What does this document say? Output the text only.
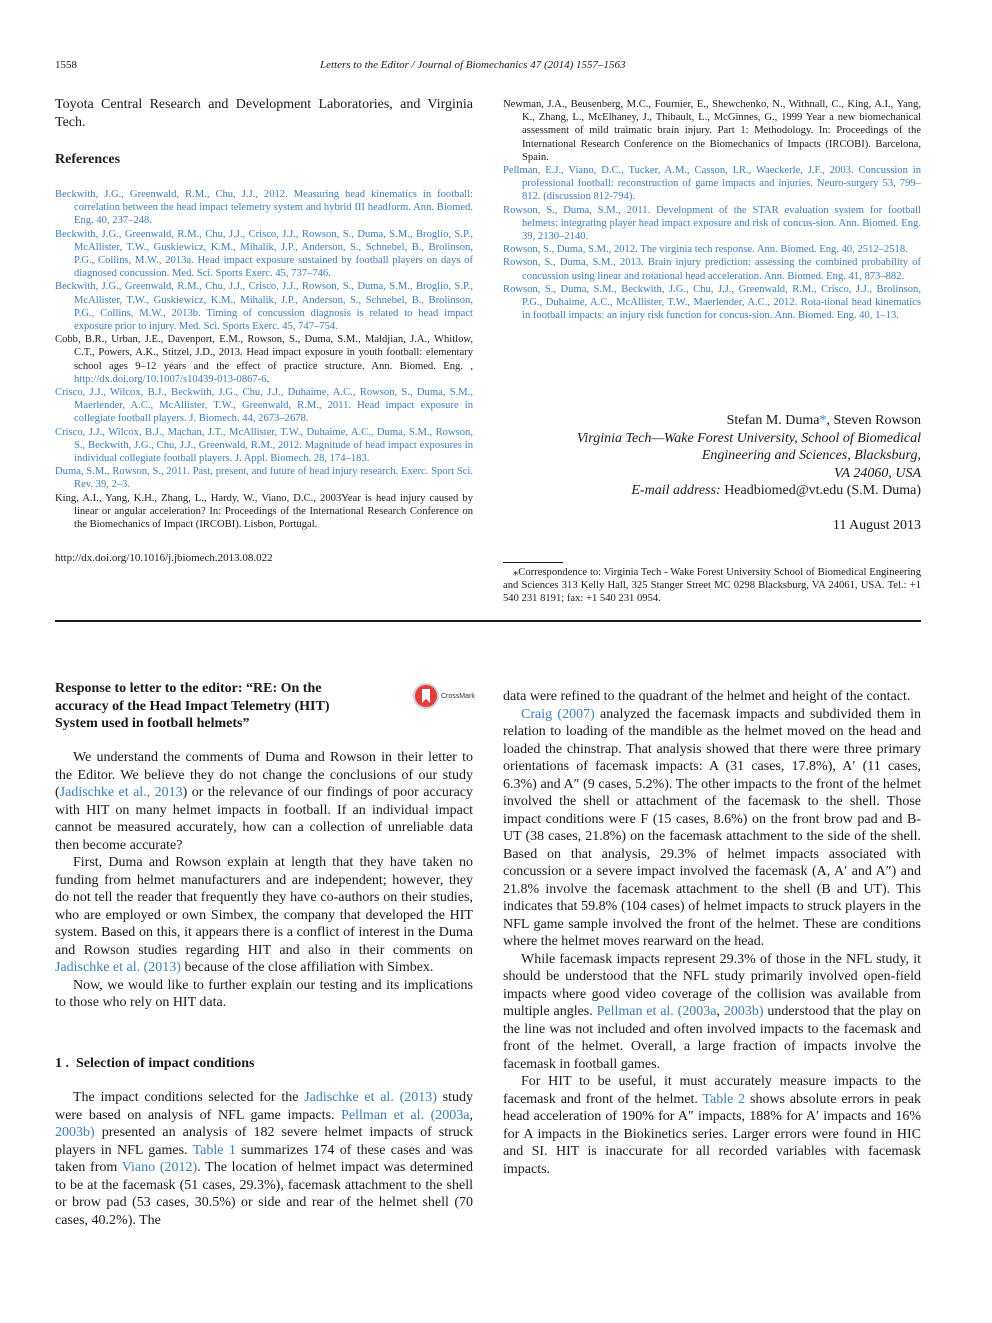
1558	Letters to the Editor / Journal of Biomechanics 47 (2014) 1557–1563
Toyota Central Research and Development Laboratories, and Virginia Tech.
References

Beckwith, J.G., Greenwald, R.M., Chu, J.J., 2012. Measuring head kinematics in football: correlation between the head impact telemetry system and hybrid III headform. Ann. Biomed. Eng. 40, 237–248.

Beckwith, J.G., Greenwald, R.M., Chu, J.J., Crisco, J.J., Rowson, S., Duma, S.M., Broglio, S.P., McAllister, T.W., Guskiewicz, K.M., Mihalik, J.P., Anderson, S., Schnebel, B., Brolinson, P.G., Collins, M.W., 2013a. Head impact exposure sustained by football players on days of diagnosed concussion. Med. Sci. Sports Exerc. 45, 737–746.

Beckwith, J.G., Greenwald, R.M., Chu, J.J., Crisco, J.J., Rowson, S., Duma, S.M., Broglio, S.P., McAllister, T.W., Guskiewicz, K.M., Mihalik, J.P., Anderson, S., Schnebel, B., Brolinson, P.G., Collins, M.W., 2013b. Timing of concussion diagnosis is related to head impact exposure prior to injury. Med. Sci. Sports Exerc. 45, 747–754.

Cobb, B.R., Urban, J.E., Davenport, E.M., Rowson, S., Duma, S.M., Maldjian, J.A., Whitlow, C.T., Powers, A.K., Stitzel, J.D., 2013. Head impact exposure in youth football: elementary school ages 9–12 years and the effect of practice structure. Ann. Biomed. Eng. , http://dx.doi.org/10.1007/s10439-013-0867-6.

Crisco, J.J., Wilcox, B.J., Beckwith, J.G., Chu, J.J., Duhaime, A.C., Rowson, S., Duma, S.M., Maerlender, A.C., McAllister, T.W., Greenwald, R.M., 2011. Head impact exposure in collegiate football players. J. Biomech. 44, 2673–2678.

Crisco, J.J., Wilcox, B.J., Machan, J.T., McAllister, T.W., Duhaime, A.C., Duma, S.M., Rowson, S., Beckwith, J.G., Chu, J.J., Greenwald, R.M., 2012. Magnitude of head impact exposures in individual collegiate football players. J. Appl. Biomech. 28, 174–183.

Duma, S.M., Rowson, S., 2011. Past, present, and future of head injury research. Exerc. Sport Sci. Rev. 39, 2–3.

King, A.I., Yang, K.H., Zhang, L., Hardy, W., Viano, D.C., 2003Year is head injury caused by linear or angular acceleration? In: Proceedings of the International Research Conference on the Biomechanics of Impact (IRCOBI). Lisbon, Portugal.

http://dx.doi.org/10.1016/j.jbiomech.2013.08.022

Newman, J.A., Beusenberg, M.C., Fournier, E., Shewchenko, N., Withnall, C., King, A.I., Yang, K., Zhang, L., McElhaney, J., Thibault, L., McGinnes, G., 1999 Year a new biomechanical assessment of mild traimatic brain injury. Part 1: Methodology. In: Proceedings of the International Research Conference on the Biomechanics of Impacts (IRCOBI). Barcelona, Spain.

Pellman, E.J., Viano, D.C., Tucker, A.M., Casson, I.R., Waeckerle, J.F., 2003. Concussion in professional football: reconstruction of game impacts and injuries. Neuro-surgery 53, 799–812. (discussion 812-794).

Rowson, S., Duma, S.M., 2011. Development of the STAR evaluation system for football helmets: integrating player head impact exposure and risk of concus-sion. Ann. Biomed. Eng. 39, 2130–2140.

Rowson, S., Duma, S.M., 2012. The virginia tech response. Ann. Biomed. Eng. 40, 2512–2518.

Rowson, S., Duma, S.M., 2013. Brain injury prediction: assessing the combined probability of concussion using linear and rotational head acceleration. Ann. Biomed. Eng. 41, 873–882.

Rowson, S., Duma, S.M., Beckwith, J.G., Chu, J.J., Greenwald, R.M., Crisco, J.J., Brolinson, P.G., Duhaime, A.C., McAllister, T.W., Maerlender, A.C., 2012. Rota-tional head kinematics in football impacts: an injury risk function for concus-sion. Ann. Biomed. Eng. 40, 1–13.

Stefan M. Duma*, Steven Rowson
Virginia Tech—Wake Forest University, School of Biomedical
Engineering and Sciences, Blacksburg,
VA 24060, USA
E-mail address: Headbiomed@vt.edu (S.M. Duma)
11 August 2013
⁎Correspondence to: Virginia Tech - Wake Forest University School of Biomedical Engineering and Sciences 313 Kelly Hall, 325 Stanger Street MC 0298 Blacksburg, VA 24061, USA. Tel.: +1 540 231 8191; fax: +1 540 231 0954.
Response to letter to the editor: “RE: On the accuracy of the Head Impact Telemetry (HIT) System used in football helmets”
CrossMark

We understand the comments of Duma and Rowson in their letter to the Editor. We believe they do not change the conclusions of our study (Jadischke et al., 2013) or the relevance of our findings of poor accuracy with HIT on many helmet impacts in football. If an individual impact cannot be measured accurately, how can a collection of unreliable data then become accurate?

First, Duma and Rowson explain at length that they have taken no funding from helmet manufacturers and are independent; however, they do not tell the reader that frequently they have co-authors on their studies, who are employed or own Simbex, the company that developed the HIT system. Based on this, it appears there is a conflict of interest in the Duma and Rowson studies regarding HIT and also in their comments on Jadischke et al. (2013) because of the close affiliation with Simbex.

Now, we would like to further explain our testing and its implications to those who rely on HIT data.

1 .  Selection of impact conditions

The impact conditions selected for the Jadischke et al. (2013) study were based on analysis of NFL game impacts. Pellman et al. (2003a, 2003b) presented an analysis of 182 severe helmet impacts of struck players in NFL games. Table 1 summarizes 174 of these cases and was taken from Viano (2012). The location of helmet impact was determined to be at the facemask (51 cases, 29.3%), facemask attachment to the shell or brow pad (53 cases, 30.5%) or side and rear of the helmet shell (70 cases, 40.2%). The

data were refined to the quadrant of the helmet and height of the contact.

Craig (2007) analyzed the facemask impacts and subdivided them in relation to loading of the mandible as the helmet moved on the head and loaded the chinstrap. That analysis showed that there were three primary orientations of facemask impacts: A (31 cases, 17.8%), A′ (11 cases, 6.3%) and A″ (9 cases, 5.2%). The other impacts to the front of the helmet involved the shell or attachment of the facemask to the shell. Those impact conditions were F (15 cases, 8.6%) on the front brow pad and B-UT (38 cases, 21.8%) on the facemask attachment to the side of the shell. Based on that analysis, 29.3% of helmet impacts associated with concussion or a severe impact involved the facemask (A, A′ and A″) and 21.8% involve the facemask attachment to the shell (B and UT). This indicates that 59.8% (104 cases) of helmet impacts to struck players in the NFL game sample involved the front of the helmet. These are conditions where the helmet moves rearward on the head.

While facemask impacts represent 29.3% of those in the NFL study, it should be understood that the NFL study primarily involved open-field impacts where good video coverage of the collision was available from multiple angles. Pellman et al. (2003a, 2003b) understood that the play on the line was not included and often involved impacts to the facemask and front of the helmet. Overall, a large fraction of impacts involve the facemask in football games.

For HIT to be useful, it must accurately measure impacts to the facemask and front of the helmet. Table 2 shows absolute errors in peak head acceleration of 190% for A″ impacts, 188% for A′ impacts and 16% for A impacts in the Biokinetics series. Larger errors were found in HIC and SI. HIT is inaccurate for all recorded variables with facemask impacts.
